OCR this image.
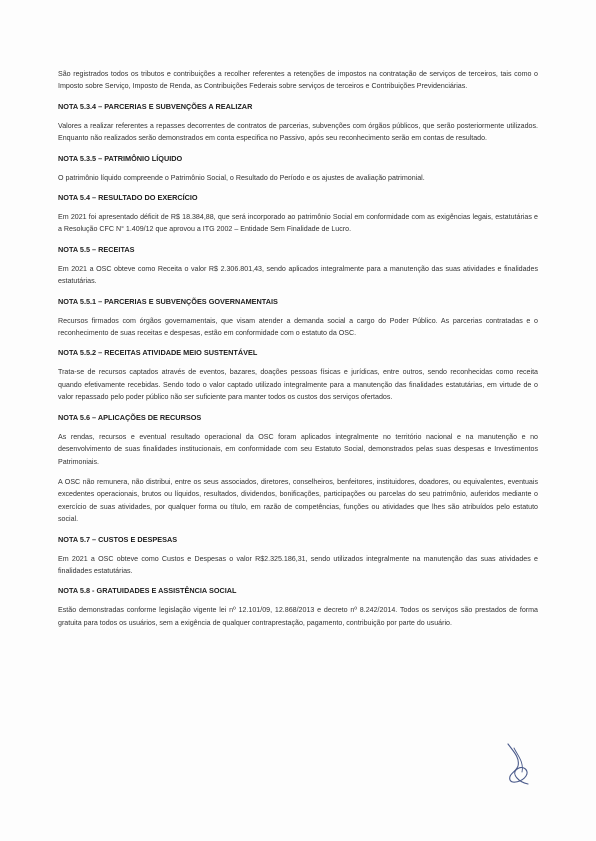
São registrados todos os tributos e contribuições a recolher referentes a retenções de impostos na contratação de serviços de terceiros, tais como o Imposto sobre Serviço, Imposto de Renda, as Contribuições Federais sobre serviços de terceiros e Contribuições Previdenciárias.

NOTA 5.3.4 – PARCERIAS E SUBVENÇÕES A REALIZAR

Valores a realizar referentes a repasses decorrentes de contratos de parcerias, subvenções com órgãos públicos, que serão posteriormente utilizados. Enquanto não realizados serão demonstrados em conta especifica no Passivo, após seu reconhecimento serão em contas de resultado.

NOTA 5.3.5 – PATRIMÔNIO LÍQUIDO

O patrimônio líquido compreende o Patrimônio Social, o Resultado do Período e os ajustes de avaliação patrimonial.

NOTA 5.4 – RESULTADO DO EXERCÍCIO

Em 2021 foi apresentado déficit de R$ 18.384,88, que será incorporado ao patrimônio Social em conformidade com as exigências legais, estatutárias e a Resolução CFC N° 1.409/12 que aprovou a ITG 2002 – Entidade Sem Finalidade de Lucro.

NOTA 5.5 – RECEITAS

Em 2021 a OSC obteve como Receita o valor R$ 2.306.801,43, sendo aplicados integralmente para a manutenção das suas atividades e finalidades estatutárias.

NOTA 5.5.1 – PARCERIAS E SUBVENÇÕES GOVERNAMENTAIS

Recursos firmados com órgãos governamentais, que visam atender a demanda social a cargo do Poder Público. As parcerias contratadas e o reconhecimento de suas receitas e despesas, estão em conformidade com o estatuto da OSC.

NOTA 5.5.2 – RECEITAS ATIVIDADE MEIO SUSTENTÁVEL

Trata-se de recursos captados através de eventos, bazares, doações pessoas físicas e jurídicas, entre outros, sendo reconhecidas como receita quando efetivamente recebidas. Sendo todo o valor captado utilizado integralmente para a manutenção das finalidades estatutárias, em virtude de o valor repassado pelo poder público não ser suficiente para manter todos os custos dos serviços ofertados.

NOTA 5.6 – APLICAÇÕES DE RECURSOS

As rendas, recursos e eventual resultado operacional da OSC foram aplicados integralmente no território nacional e na manutenção e no desenvolvimento de suas finalidades institucionais, em conformidade com seu Estatuto Social, demonstrados pelas suas despesas e Investimentos Patrimoniais.

A OSC não remunera, não distribui, entre os seus associados, diretores, conselheiros, benfeitores, instituidores, doadores, ou equivalentes, eventuais excedentes operacionais, brutos ou líquidos, resultados, dividendos, bonificações, participações ou parcelas do seu patrimônio, auferidos mediante o exercício de suas atividades, por qualquer forma ou título, em razão de competências, funções ou atividades que lhes são atribuídos pelo estatuto social.

NOTA 5.7 – CUSTOS E DESPESAS

Em 2021 a OSC obteve como Custos e Despesas o valor R$2.325.186,31, sendo utilizados integralmente na manutenção das suas atividades e finalidades estatutárias.

NOTA 5.8 - GRATUIDADES E ASSISTÊNCIA SOCIAL

Estão demonstradas conforme legislação vigente lei nº 12.101/09, 12.868/2013 e decreto nº 8.242/2014. Todos os serviços são prestados de forma gratuita para todos os usuários, sem a exigência de qualquer contraprestação, pagamento, contribuição por parte do usuário.
